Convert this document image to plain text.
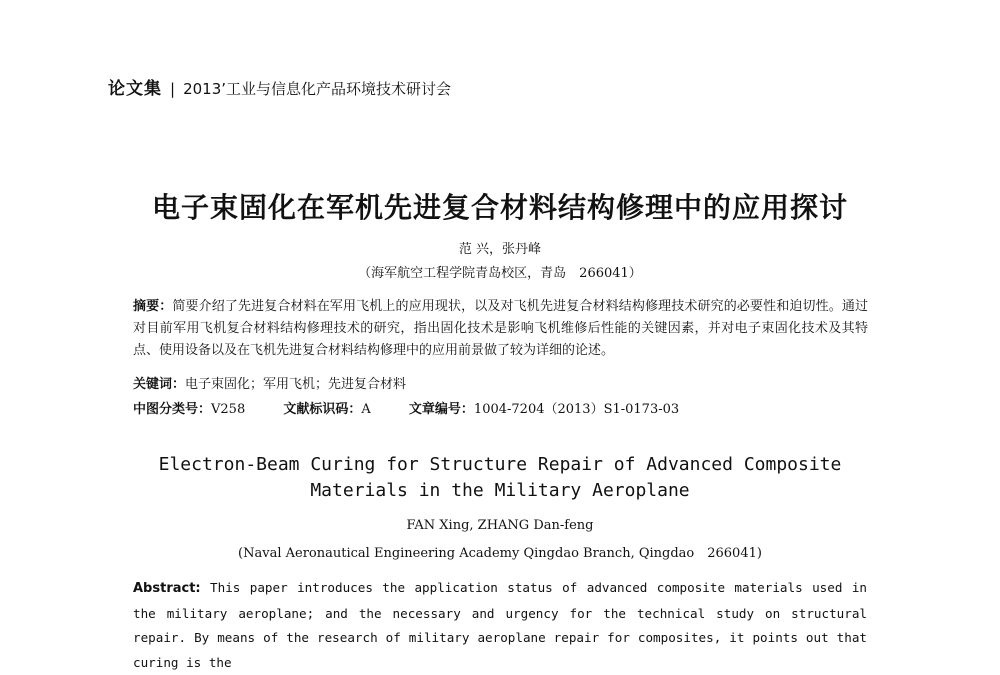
论文集 | 2013’工业与信息化产品环境技术研讨会
电子束固化在军机先进复合材料结构修理中的应用探讨
范 兴，张丹峰
（海军航空工程学院青岛校区，青岛　266041）
摘要：简要介绍了先进复合材料在军用飞机上的应用现状，以及对飞机先进复合材料结构修理技术研究的必要性和迫切性。通过对目前军用飞机复合材料结构修理技术的研究，指出固化技术是影响飞机维修后性能的关键因素，并对电子束固化技术及其特点、使用设备以及在飞机先进复合材料结构修理中的应用前景做了较为详细的论述。
关键词：电子束固化；军用飞机；先进复合材料
中图分类号：V258	文献标识码：A	文章编号：1004-7204（2013）S1-0173-03
Electron-Beam Curing for Structure Repair of Advanced Composite
Materials in the Military Aeroplane
FAN Xing, ZHANG Dan-feng
(Naval Aeronautical Engineering Academy Qingdao Branch, Qingdao　266041)
Abstract: This paper introduces the application status of advanced composite materials used in the military aeroplane; and the necessary and urgency for the technical study on structural repair. By means of the research of military aeroplane repair for composites, it points out that curing is the
